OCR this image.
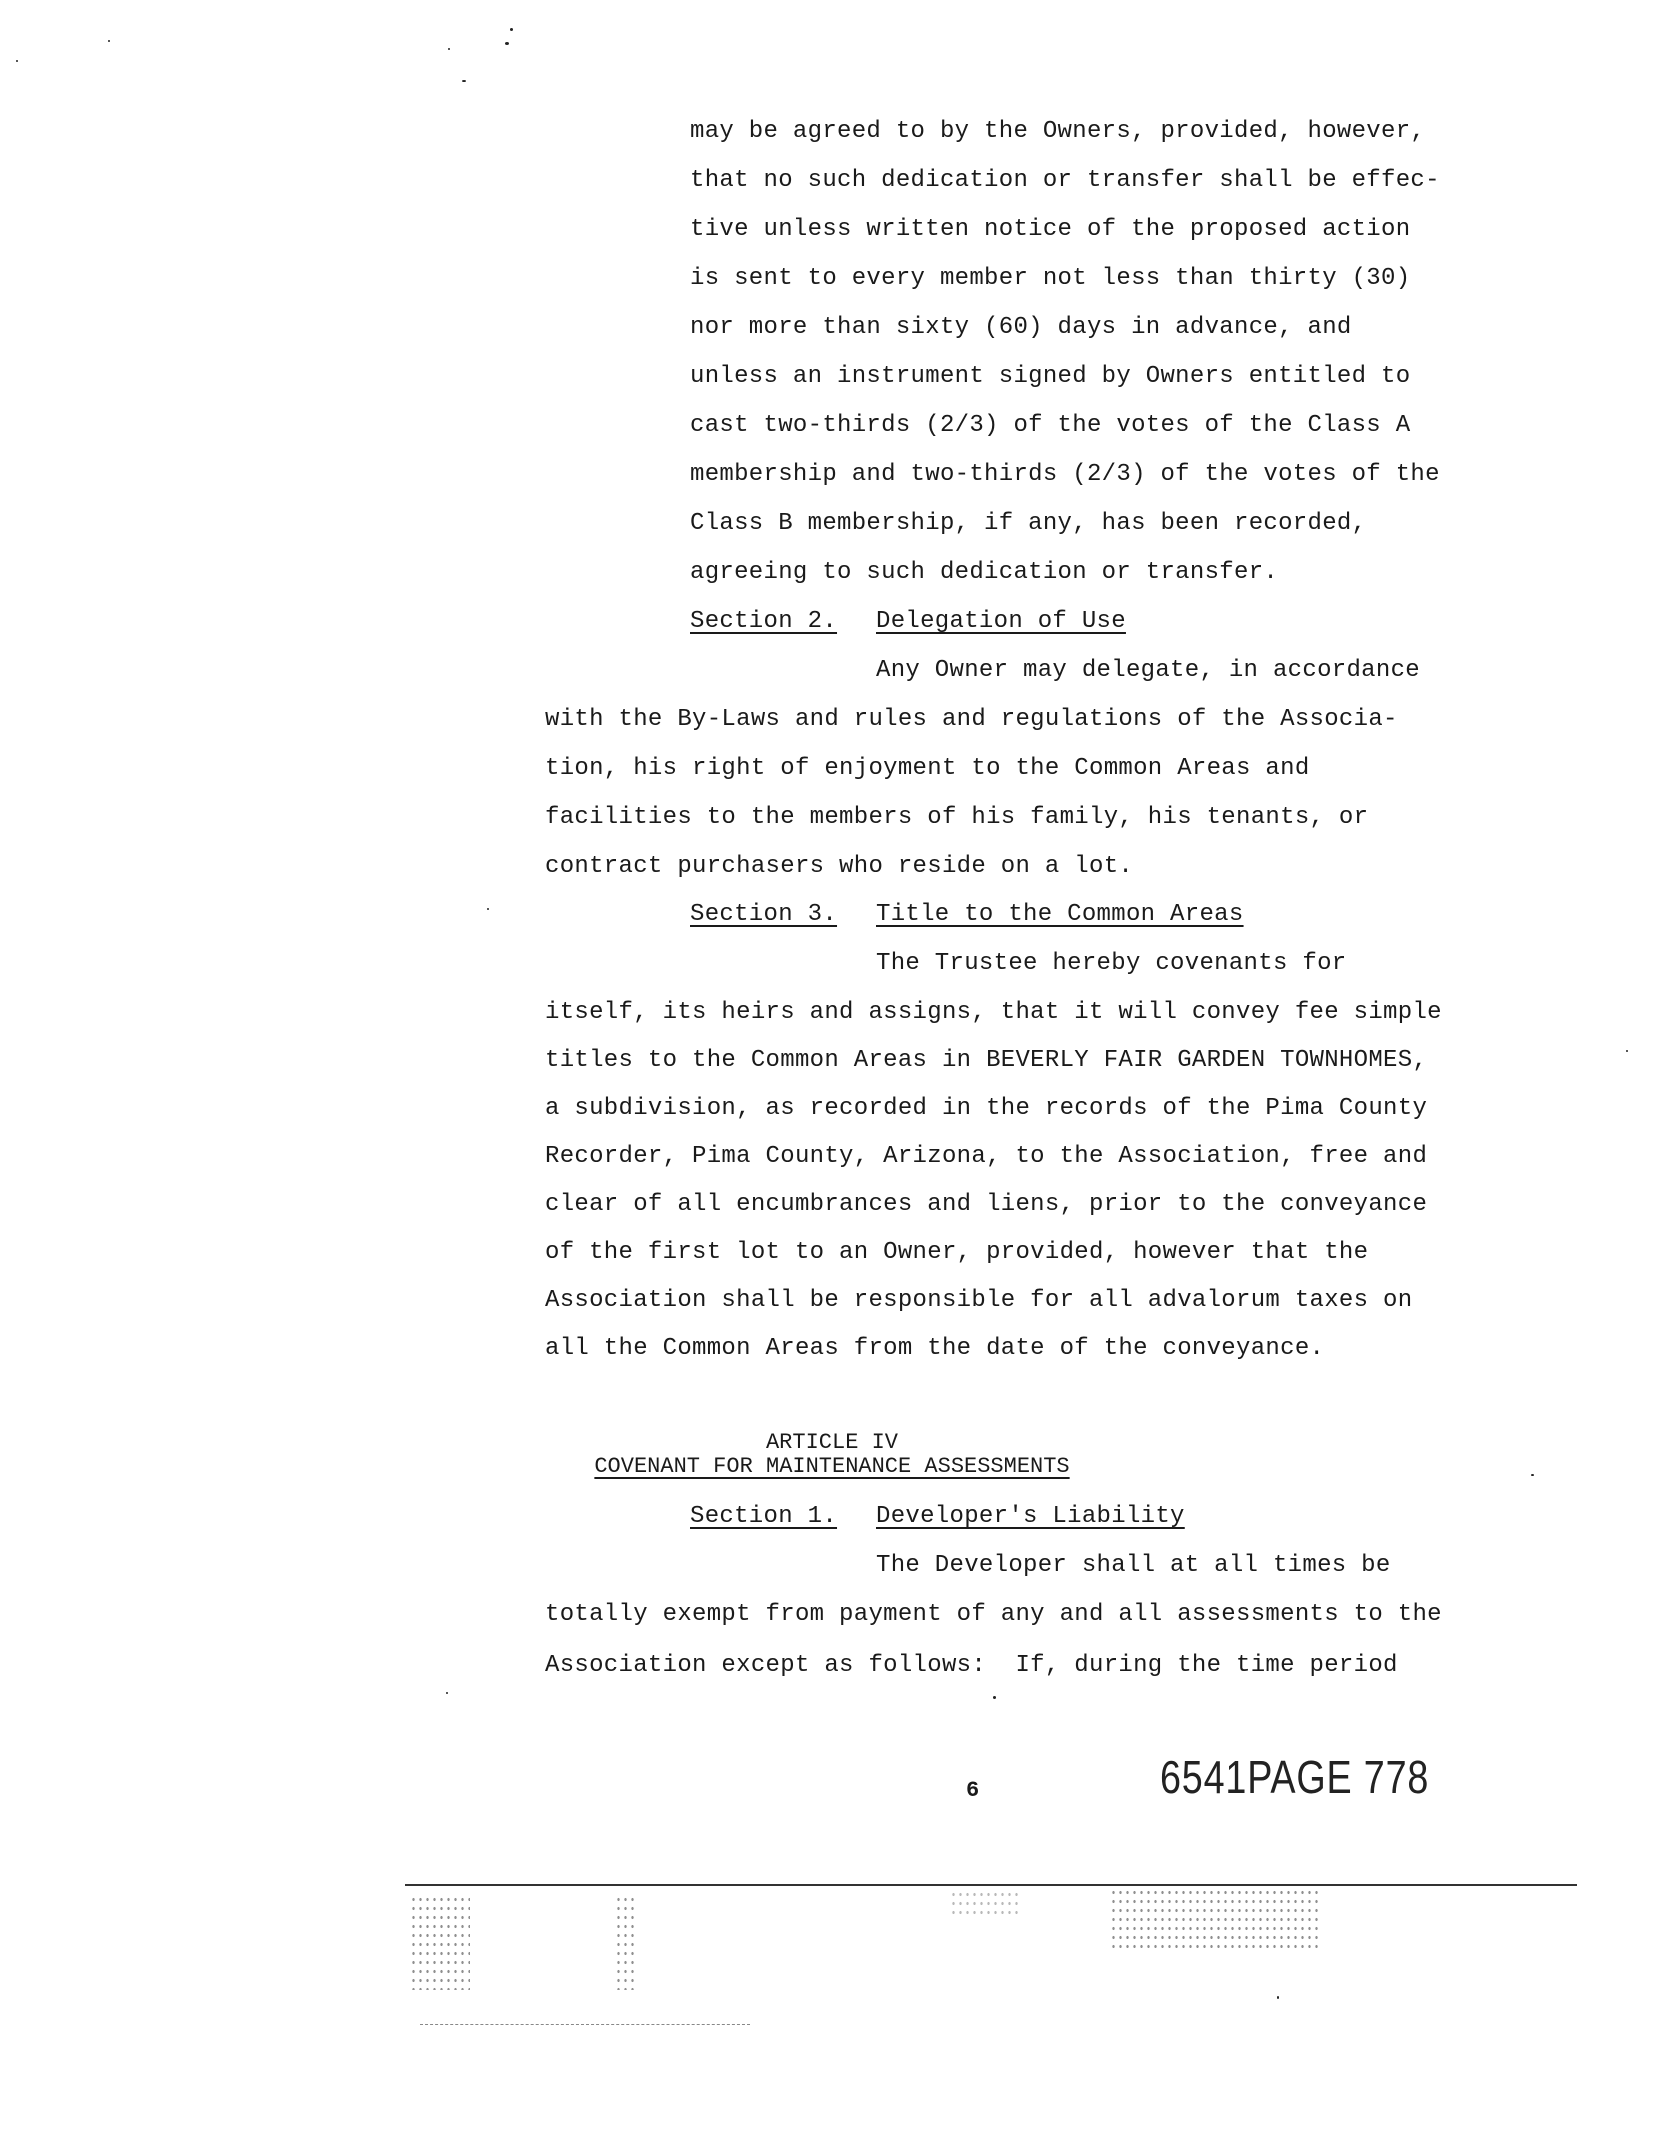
may be agreed to by the Owners, provided, however,
that no such dedication or transfer shall be effec-
tive unless written notice of the proposed action
is sent to every member not less than thirty (30)
nor more than sixty (60) days in advance, and
unless an instrument signed by Owners entitled to
cast two-thirds (2/3) of the votes of the Class A
membership and two-thirds (2/3) of the votes of the
Class B membership, if any, has been recorded,
agreeing to such dedication or transfer.
Section 2. Delegation of Use
Any Owner may delegate, in accordance
with the By-Laws and rules and regulations of the Associa-
tion, his right of enjoyment to the Common Areas and
facilities to the members of his family, his tenants, or
contract purchasers who reside on a lot.
Section 3. Title to the Common Areas
The Trustee hereby covenants for
itself, its heirs and assigns, that it will convey fee simple
titles to the Common Areas in BEVERLY FAIR GARDEN TOWNHOMES,
a subdivision, as recorded in the records of the Pima County
Recorder, Pima County, Arizona, to the Association, free and
clear of all encumbrances and liens, prior to the conveyance
of the first lot to an Owner, provided, however that the
Association shall be responsible for all advalorum taxes on
all the Common Areas from the date of the conveyance.
ARTICLE IV
COVENANT FOR MAINTENANCE ASSESSMENTS
Section 1. Developer's Liability
The Developer shall at all times be
totally exempt from payment of any and all assessments to the
Association except as follows:  If, during the time period
6	6541PAGE 778
